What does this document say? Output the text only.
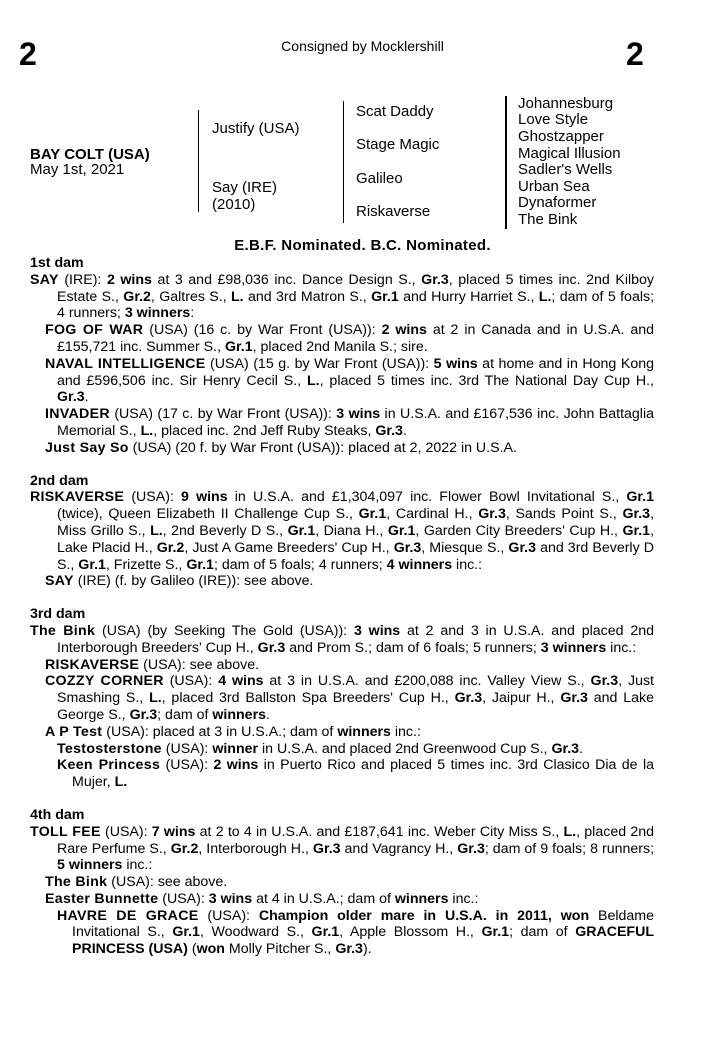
2	2
Consigned by Mocklershill
BAY COLT (USA)
May 1st, 2021
Justify (USA)
Say (IRE)
(2010)
Scat Daddy
Stage Magic
Galileo
Riskaverse
Johannesburg
Love Style
Ghostzapper
Magical Illusion
Sadler's Wells
Urban Sea
Dynaformer
The Bink
E.B.F. Nominated. B.C. Nominated.
1st dam
SAY (IRE): 2 wins at 3 and £98,036 inc. Dance Design S., Gr.3, placed 5 times inc. 2nd Kilboy Estate S., Gr.2, Galtres S., L. and 3rd Matron S., Gr.1 and Hurry Harriet S., L.; dam of 5 foals; 4 runners; 3 winners:
FOG OF WAR (USA) (16 c. by War Front (USA)): 2 wins at 2 in Canada and in U.S.A. and £155,721 inc. Summer S., Gr.1, placed 2nd Manila S.; sire.
NAVAL INTELLIGENCE (USA) (15 g. by War Front (USA)): 5 wins at home and in Hong Kong and £596,506 inc. Sir Henry Cecil S., L., placed 5 times inc. 3rd The National Day Cup H., Gr.3.
INVADER (USA) (17 c. by War Front (USA)): 3 wins in U.S.A. and £167,536 inc. John Battaglia Memorial S., L., placed inc. 2nd Jeff Ruby Steaks, Gr.3.
Just Say So (USA) (20 f. by War Front (USA)): placed at 2, 2022 in U.S.A.
2nd dam
RISKAVERSE (USA): 9 wins in U.S.A. and £1,304,097 inc. Flower Bowl Invitational S., Gr.1 (twice), Queen Elizabeth II Challenge Cup S., Gr.1, Cardinal H., Gr.3, Sands Point S., Gr.3, Miss Grillo S., L., 2nd Beverly D S., Gr.1, Diana H., Gr.1, Garden City Breeders' Cup H., Gr.1, Lake Placid H., Gr.2, Just A Game Breeders' Cup H., Gr.3, Miesque S., Gr.3 and 3rd Beverly D S., Gr.1, Frizette S., Gr.1; dam of 5 foals; 4 runners; 4 winners inc.:
SAY (IRE) (f. by Galileo (IRE)): see above.
3rd dam
The Bink (USA) (by Seeking The Gold (USA)): 3 wins at 2 and 3 in U.S.A. and placed 2nd Interborough Breeders' Cup H., Gr.3 and Prom S.; dam of 6 foals; 5 runners; 3 winners inc.:
RISKAVERSE (USA): see above.
COZZY CORNER (USA): 4 wins at 3 in U.S.A. and £200,088 inc. Valley View S., Gr.3, Just Smashing S., L., placed 3rd Ballston Spa Breeders' Cup H., Gr.3, Jaipur H., Gr.3 and Lake George S., Gr.3; dam of winners.
A P Test (USA): placed at 3 in U.S.A.; dam of winners inc.:
Testosterstone (USA): winner in U.S.A. and placed 2nd Greenwood Cup S., Gr.3.
Keen Princess (USA): 2 wins in Puerto Rico and placed 5 times inc. 3rd Clasico Dia de la Mujer, L.
4th dam
TOLL FEE (USA): 7 wins at 2 to 4 in U.S.A. and £187,641 inc. Weber City Miss S., L., placed 2nd Rare Perfume S., Gr.2, Interborough H., Gr.3 and Vagrancy H., Gr.3; dam of 9 foals; 8 runners; 5 winners inc.:
The Bink (USA): see above.
Easter Bunnette (USA): 3 wins at 4 in U.S.A.; dam of winners inc.:
HAVRE DE GRACE (USA): Champion older mare in U.S.A. in 2011, won Beldame Invitational S., Gr.1, Woodward S., Gr.1, Apple Blossom H., Gr.1; dam of GRACEFUL PRINCESS (USA) (won Molly Pitcher S., Gr.3).
